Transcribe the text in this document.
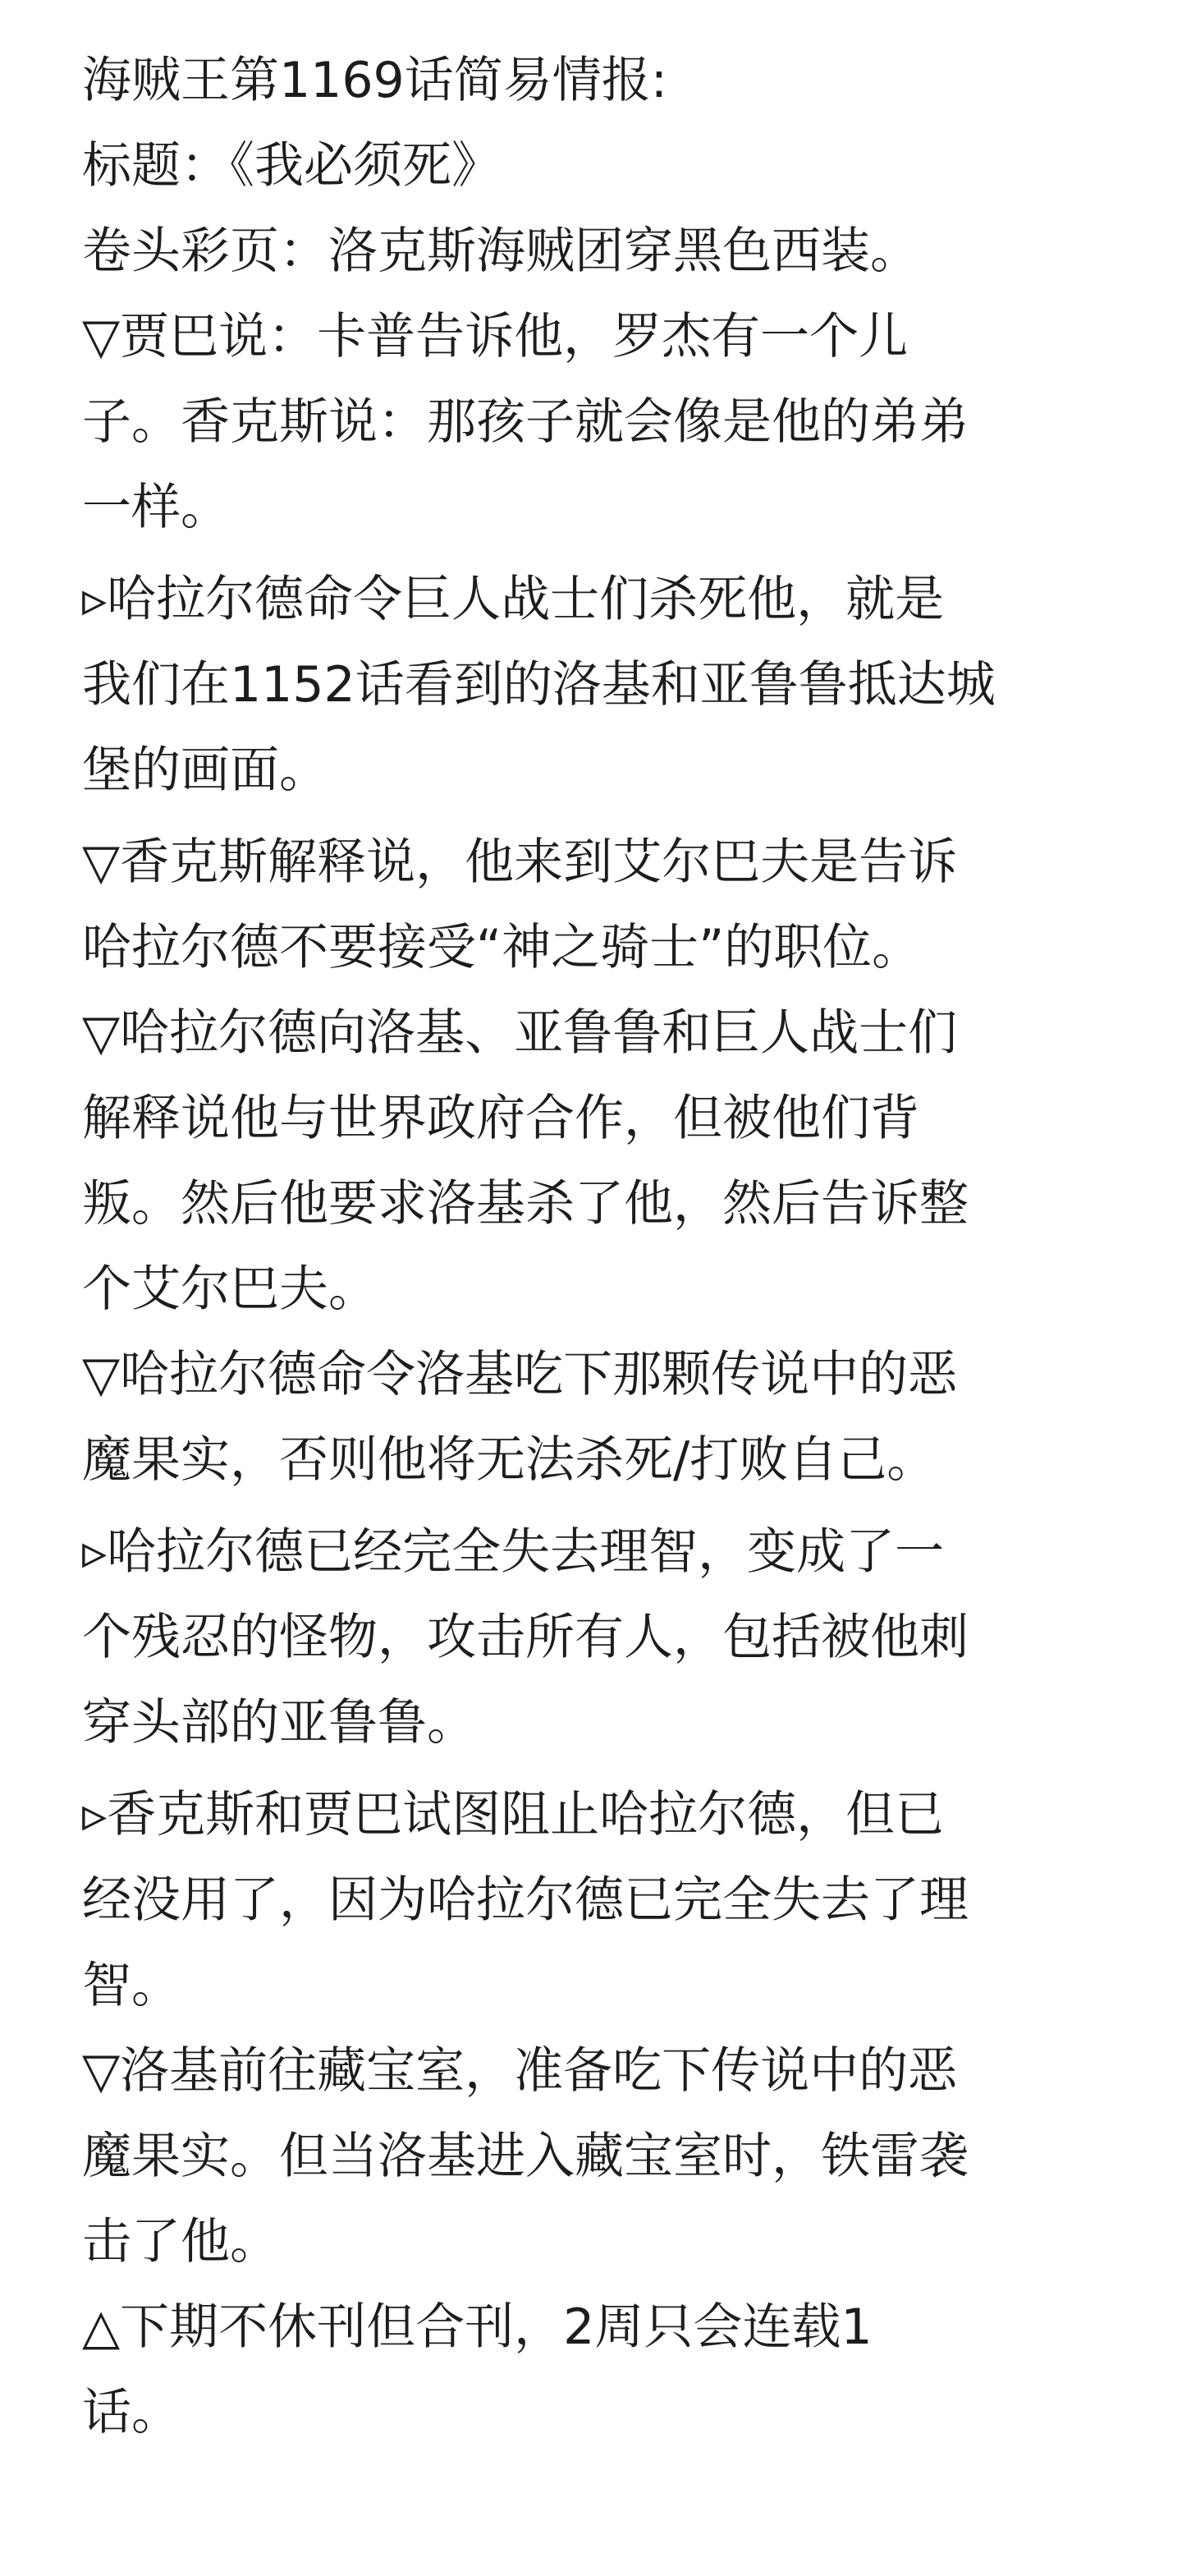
海贼王第1169话简易情报:
标题：《我必须死》
卷头彩页：洛克斯海贼团穿黑色西装。
▽贾巴说：卡普告诉他，罗杰有一个儿
子。香克斯说：那孩子就会像是他的弟弟
一样。
▹哈拉尔德命令巨人战士们杀死他，就是
我们在1152话看到的洛基和亚鲁鲁抵达城
堡的画面。
▽香克斯解释说，他来到艾尔巴夫是告诉
哈拉尔德不要接受“神之骑士”的职位。
▽哈拉尔德向洛基、亚鲁鲁和巨人战士们
解释说他与世界政府合作，但被他们背
叛。然后他要求洛基杀了他，然后告诉整
个艾尔巴夫。
▽哈拉尔德命令洛基吃下那颗传说中的恶
魔果实，否则他将无法杀死/打败自己。
▹哈拉尔德已经完全失去理智，变成了一
个残忍的怪物，攻击所有人，包括被他刺
穿头部的亚鲁鲁。
▹香克斯和贾巴试图阻止哈拉尔德，但已
经没用了，因为哈拉尔德已完全失去了理
智。
▽洛基前往藏宝室，准备吃下传说中的恶
魔果实。但当洛基进入藏宝室时，铁雷袭
击了他。
△下期不休刊但合刊，2周只会连载1
话。
